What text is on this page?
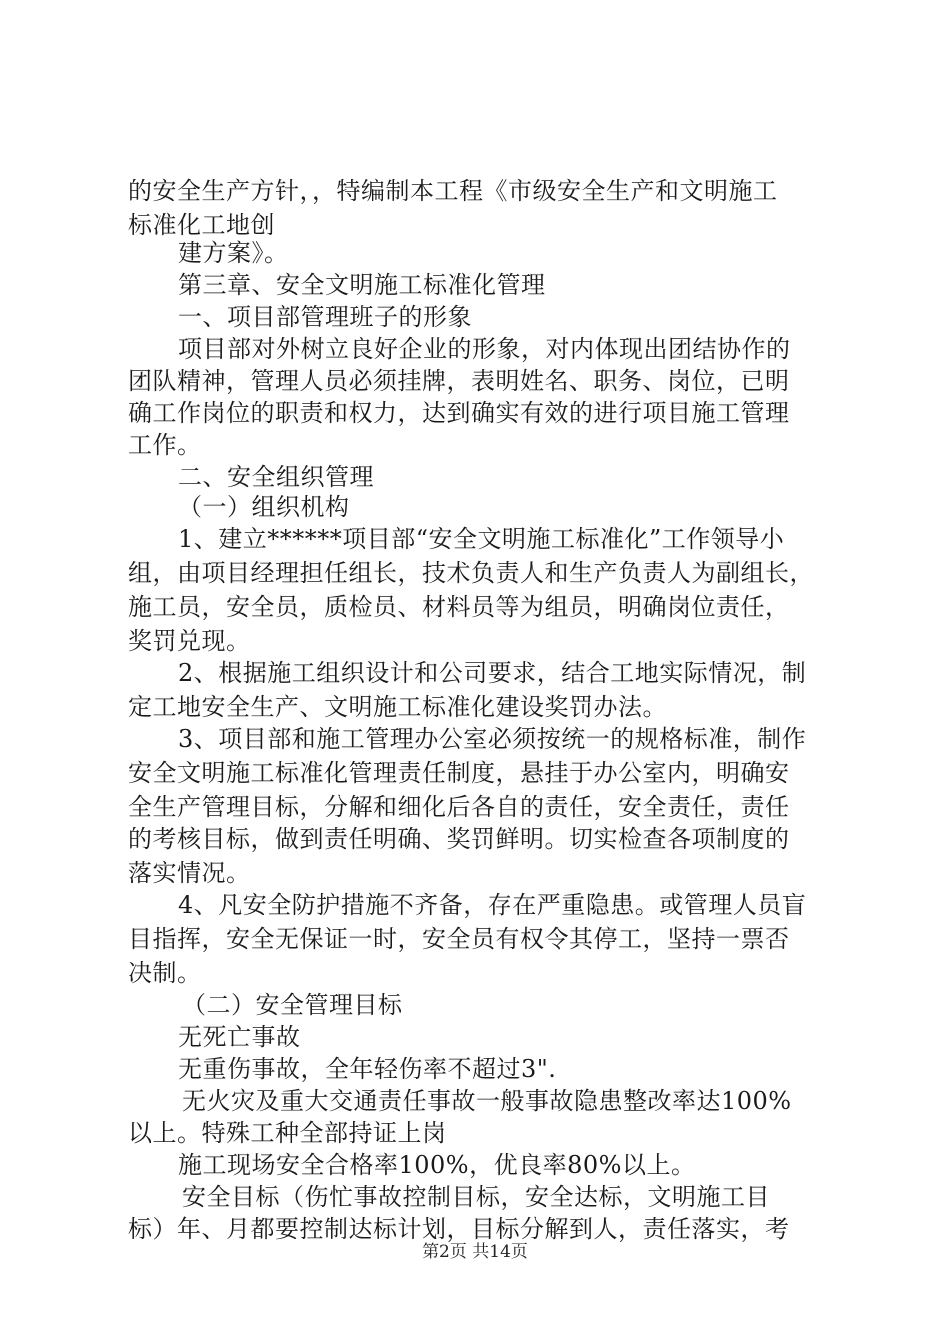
的安全生产方针，，特编制本工程《市级安全生产和文明施工
标准化工地创
建方案》。
第三章、安全文明施工标准化管理
一、项目部管理班子的形象
项目部对外树立良好企业的形象，对内体现出团结协作的
团队精神，管理人员必须挂牌，表明姓名、职务、岗位，已明
确工作岗位的职责和权力，达到确实有效的进行项目施工管理
工作。
二、安全组织管理
（一）组织机构
1、建立******项目部“安全文明施工标准化”工作领导小
组，由项目经理担任组长，技术负责人和生产负责人为副组长，
施工员，安全员，质检员、材料员等为组员，明确岗位责任，
奖罚兑现。
2、根据施工组织设计和公司要求，结合工地实际情况，制
定工地安全生产、文明施工标准化建设奖罚办法。
3、项目部和施工管理办公室必须按统一的规格标准，制作
安全文明施工标准化管理责任制度，悬挂于办公室内，明确安
全生产管理目标，分解和细化后各自的责任，安全责任，责任
的考核目标，做到责任明确、奖罚鲜明。切实检查各项制度的
落实情况。
4、凡安全防护措施不齐备，存在严重隐患。或管理人员盲
目指挥，安全无保证一时，安全员有权令其停工，坚持一票否
决制。
（二）安全管理目标
无死亡事故
无重伤事故，全年轻伤率不超过3".
无火灾及重大交通责任事故一般事故隐患整改率达100%
以上。特殊工种全部持证上岗
施工现场安全合格率100%，优良率80%以上。
安全目标（伤忙事故控制目标，安全达标，文明施工目
标）年、月都要控制达标计划，目标分解到人，责任落实，考
第2页 共14页
